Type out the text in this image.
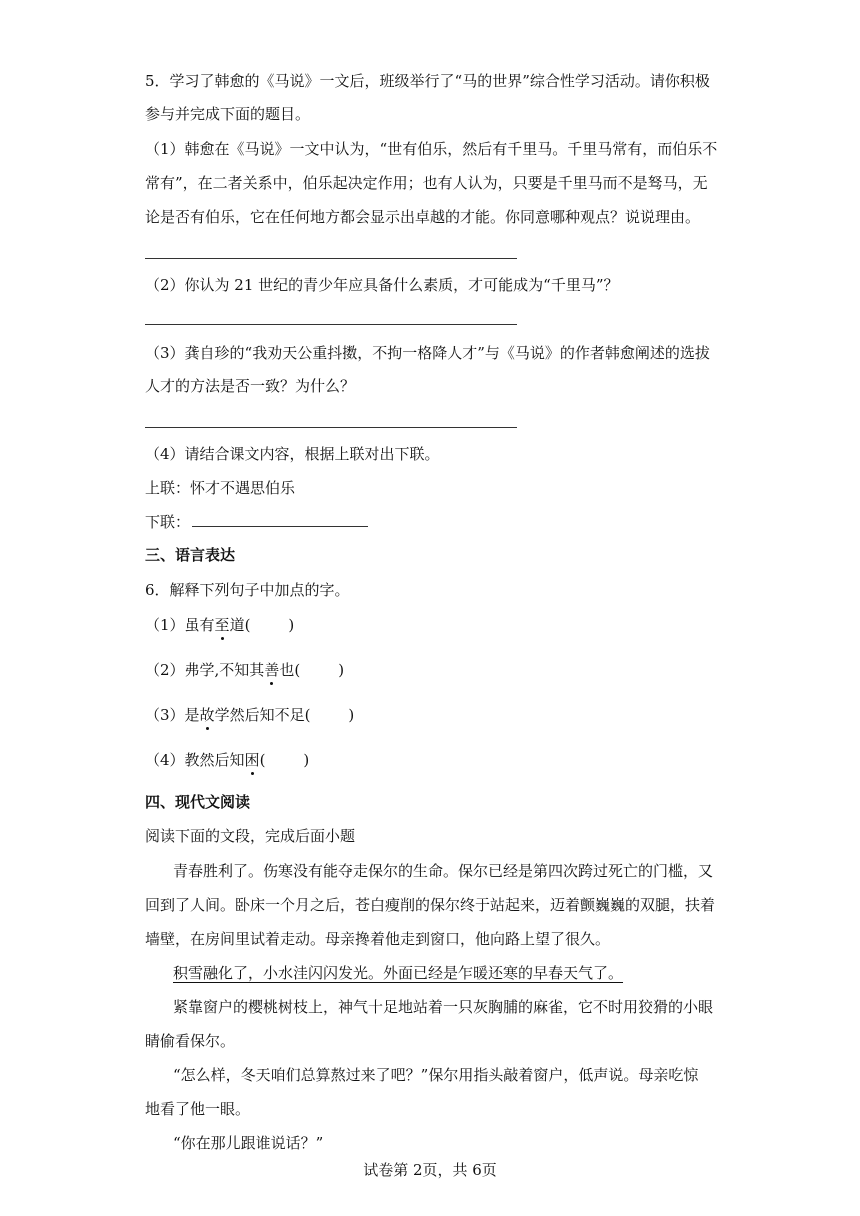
5．学习了韩愈的《马说》一文后，班级举行了“马的世界”综合性学习活动。请你积极
参与并完成下面的题目。
（1）韩愈在《马说》一文中认为，“世有伯乐，然后有千里马。千里马常有，而伯乐不
常有”，在二者关系中，伯乐起决定作用；也有人认为，只要是千里马而不是驽马，无
论是否有伯乐，它在任何地方都会显示出卓越的才能。你同意哪种观点？说说理由。
（2）你认为 21 世纪的青少年应具备什么素质，才可能成为“千里马”？
（3）龚自珍的“我劝天公重抖擞，不拘一格降人才”与《马说》的作者韩愈阐述的选拔
人才的方法是否一致？为什么？
（4）请结合课文内容，根据上联对出下联。
上联：怀才不遇思伯乐
下联：
三、语言表达
6．解释下列句子中加点的字。
（1）虽有至道(	)
（2）弗学,不知其善也(	)
（3）是故学然后知不足(	)
（4）教然后知困(	)
四、现代文阅读
阅读下面的文段，完成后面小题
青春胜利了。伤寒没有能夺走保尔的生命。保尔已经是第四次跨过死亡的门槛，又
回到了人间。卧床一个月之后，苍白瘦削的保尔终于站起来，迈着颤巍巍的双腿，扶着
墙壁，在房间里试着走动。母亲搀着他走到窗口，他向路上望了很久。
积雪融化了，小水洼闪闪发光。外面已经是乍暖还寒的早春天气了。
紧靠窗户的樱桃树枝上，神气十足地站着一只灰胸脯的麻雀，它不时用狡猾的小眼
睛偷看保尔。
“怎么样，冬天咱们总算熬过来了吧？”保尔用指头敲着窗户，低声说。母亲吃惊
地看了他一眼。
“你在那儿跟谁说话？”
试卷第 2页，共 6页
